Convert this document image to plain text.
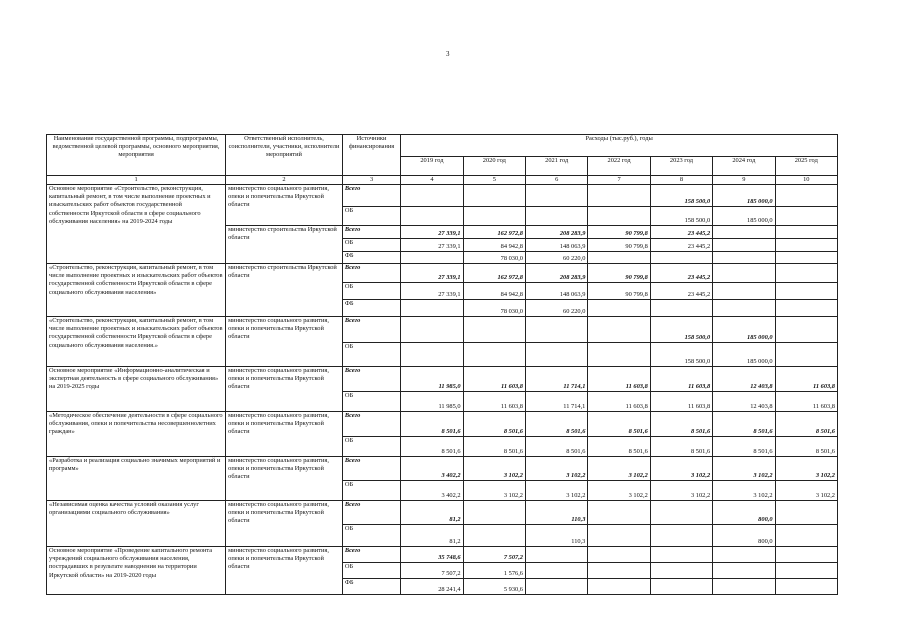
3
Наименование государственной программы, подпрограммы, ведомственной целевой программы, основного мероприятия, мероприятия	Ответственный исполнитель, соисполнители, участники, исполнители мероприятий	Источники финансирования	Расходы (тыс.руб.), годы						
			2019 год	2020 год	2021 год	2022 год	2023 год	2024 год	2025 год
1	2	3	4	5	6	7	8	9	10
Основное мероприятие «Строительство, реконструкция, капитальный ремонт, в том числе выполнение проектных и изыскательских работ объектов государственной собственности Иркутской области в сфере социального обслуживания населения» на 2019-2024 годы	министерство социального развития, опеки и попечительства Иркутской области	Всего					158 500,0	185 000,0	
		ОБ					158 500,0	185 000,0	
	министерство строительства Иркутской области	Всего	27 339,1	162 972,8	208 283,9	90 799,8	23 445,2		
		ОБ	27 339,1	84 942,8	148 063,9	90 799,8	23 445,2		
		ФБ		78 030,0	60 220,0				
«Строительство, реконструкция, капитальный ремонт, в том числе выполнение проектных и изыскательских работ объектов государственной собственности Иркутской области в сфере социального обслуживания населения»	министерство строительства Иркутской области	Всего	27 339,1	162 972,8	208 283,9	90 799,8	23 445,2		
		ОБ	27 339,1	84 942,8	148 063,9	90 799,8	23 445,2		
		ФБ		78 030,0	60 220,0				
«Строительство, реконструкция, капитальный ремонт, в том числе выполнение проектных и изыскательских работ объектов государственной собственности Иркутской области в сфере социального обслуживания населения.»	министерство социального развития, опеки и попечительства Иркутской области	Всего					158 500,0	185 000,0	
		ОБ					158 500,0	185 000,0	
Основное мероприятие «Информационно-аналитическая и экспертная деятельность в сфере социального обслуживания» на 2019-2025 годы	министерство социального развития, опеки и попечительства Иркутской области	Всего	11 985,0	11 603,8	11 714,1	11 603,8	11 603,8	12 403,8	11 603,8
		ОБ	11 985,0	11 603,8	11 714,1	11 603,8	11 603,8	12 403,8	11 603,8
«Методическое обеспечение деятельности в сфере социального обслуживания, опеки и попечительства несовершеннолетних граждан»	министерство социального развития, опеки и попечительства Иркутской области	Всего	8 501,6	8 501,6	8 501,6	8 501,6	8 501,6	8 501,6	8 501,6
		ОБ	8 501,6	8 501,6	8 501,6	8 501,6	8 501,6	8 501,6	8 501,6
«Разработка и реализация социально значимых мероприятий и программ»	министерство социального развития, опеки и попечительства Иркутской области	Всего	3 402,2	3 102,2	3 102,2	3 102,2	3 102,2	3 102,2	3 102,2
		ОБ	3 402,2	3 102,2	3 102,2	3 102,2	3 102,2	3 102,2	3 102,2
«Независимая оценка качества условий оказания услуг организациями социального обслуживания»	министерство социального развития, опеки и попечительства Иркутской области	Всего	81,2		110,3			800,0	
		ОБ	81,2		110,3			800,0	
Основное мероприятие «Проведение капитального ремонта учреждений социального обслуживания населения, пострадавших в результате наводнения на территории Иркутской области» на 2019-2020 годы	министерство социального развития, опеки и попечительства Иркутской области	Всего	35 748,6	7 507,2					
		ОБ	7 507,2	1 576,6					
		ФБ	28 241,4	5 930,6					
